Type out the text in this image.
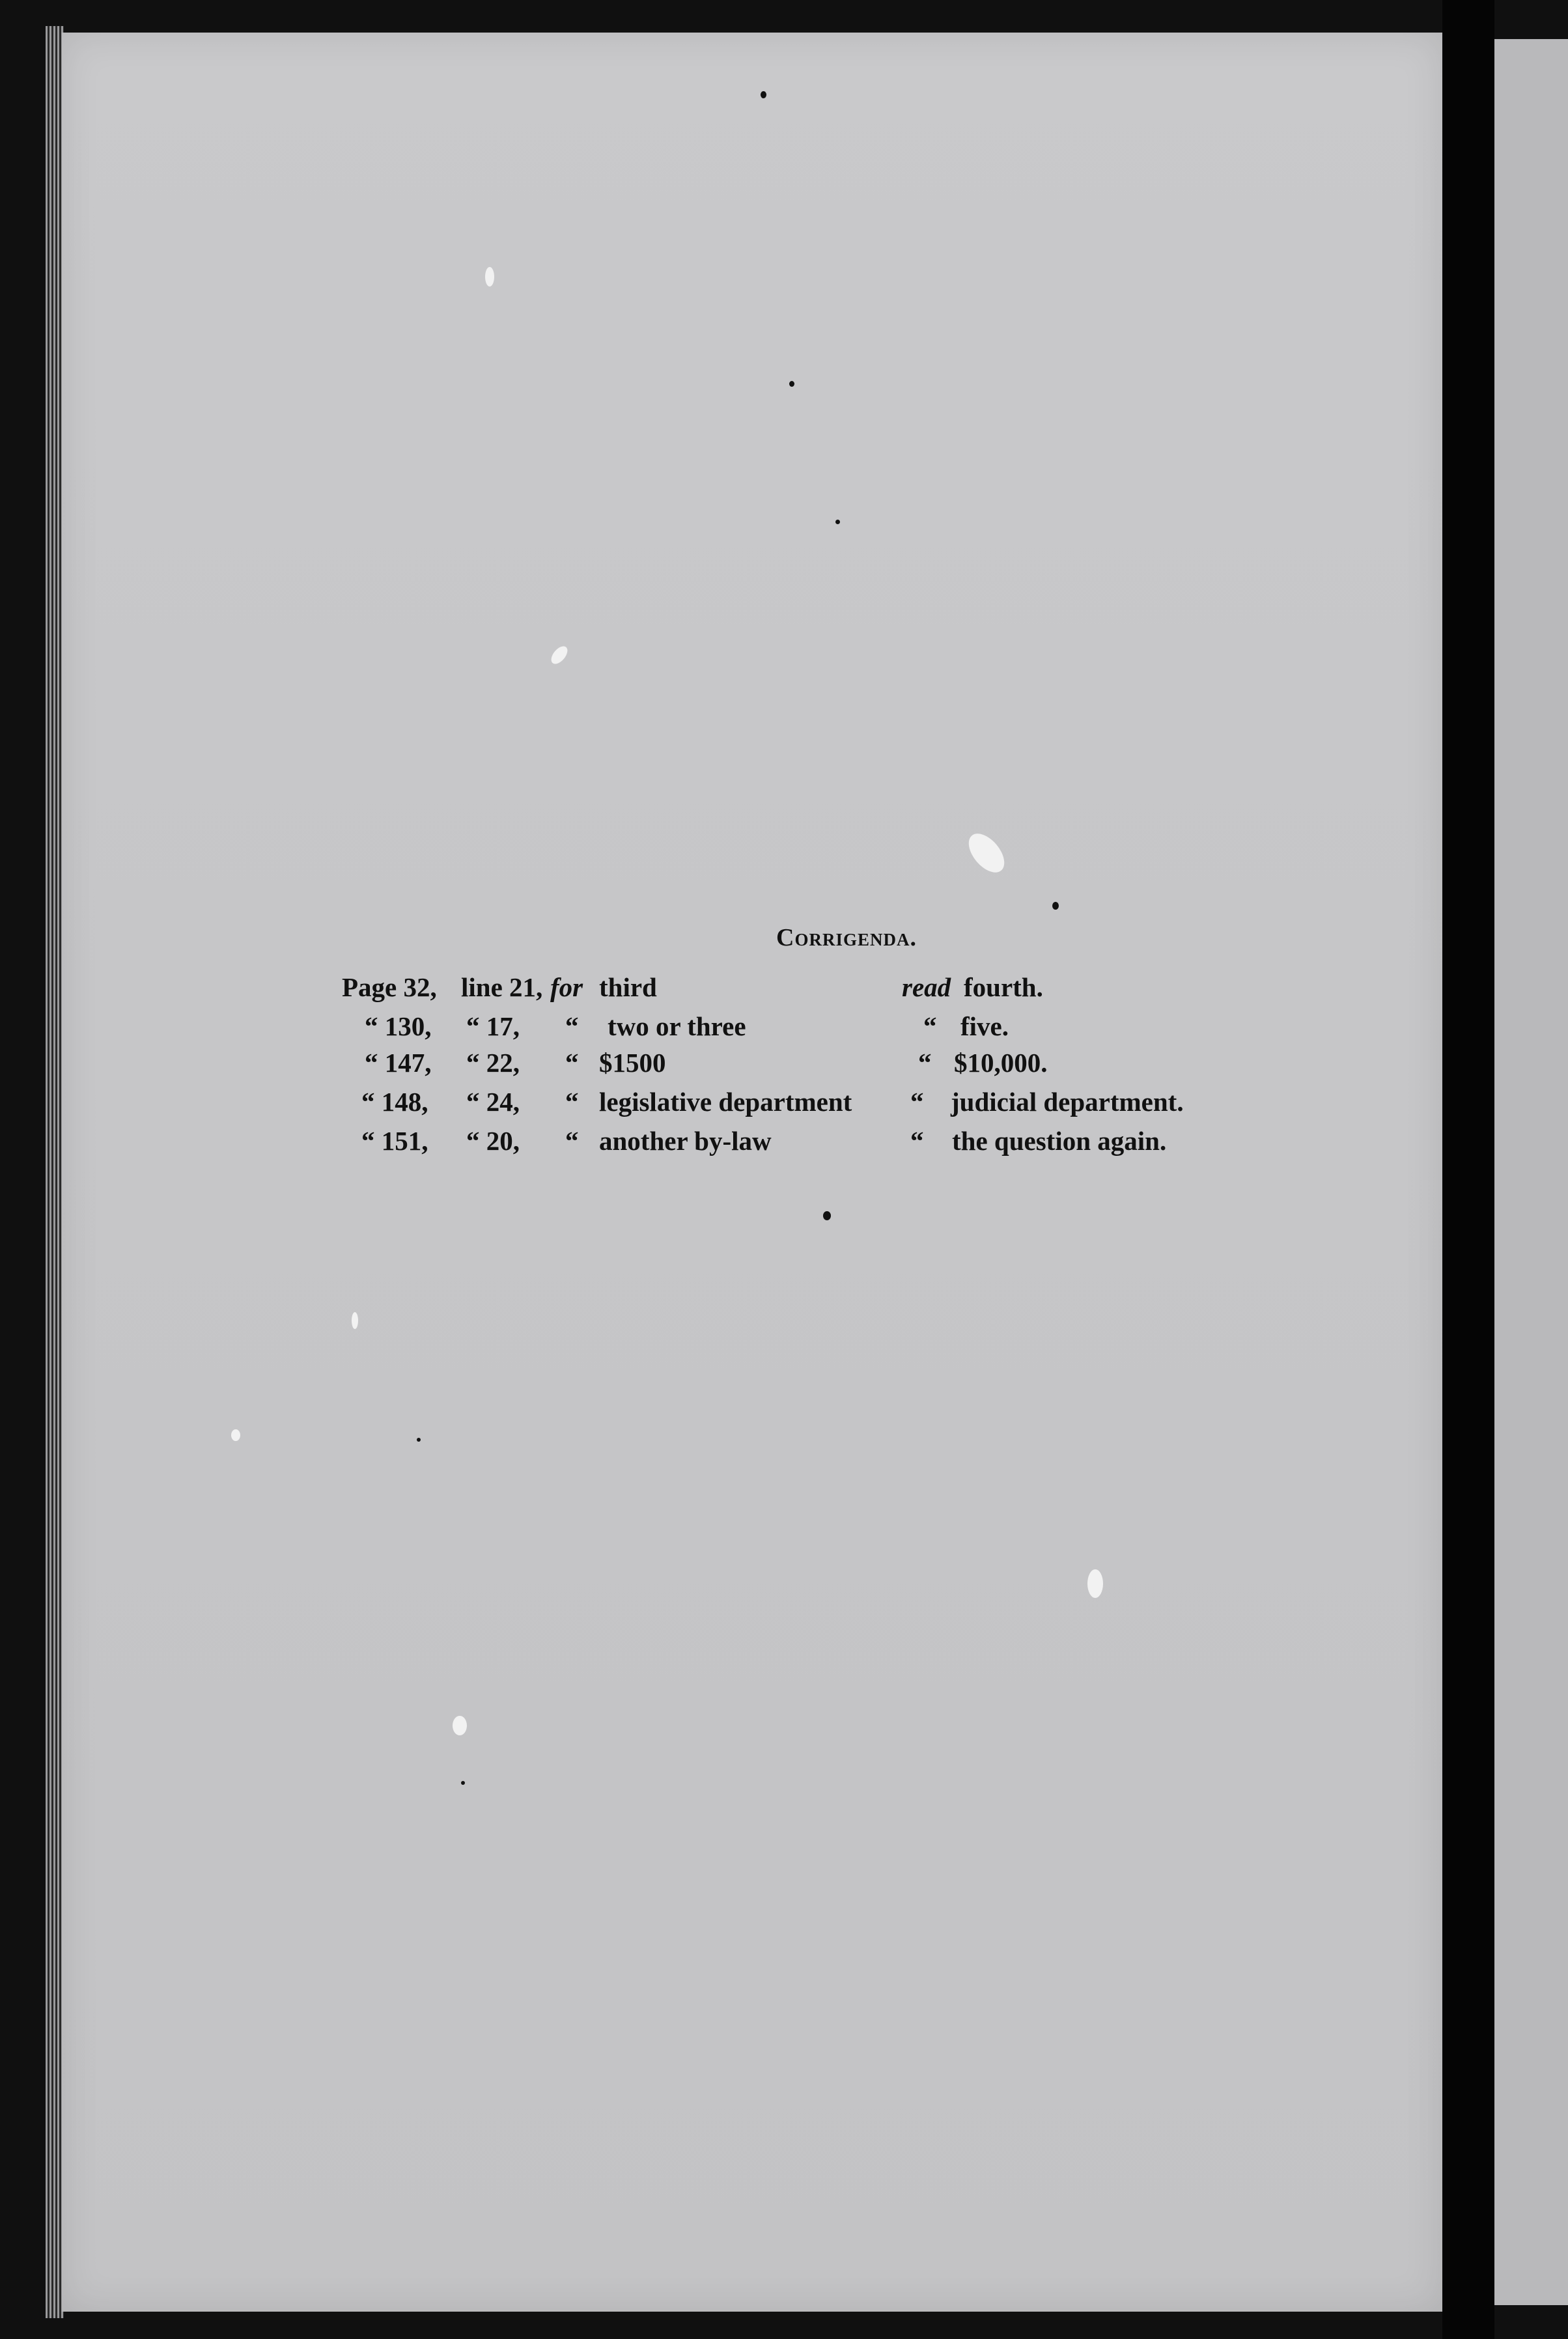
Corrigenda.
Page 32, line 21, for third	read fourth.
“ 130, “ 17, “ two or three	“ five.
“ 147, “ 22, “ $1500	“ $10,000.
“ 148, “ 24, “ legislative department “ judicial department.
“ 151, “ 20, “ another by-law	“ the question again.
